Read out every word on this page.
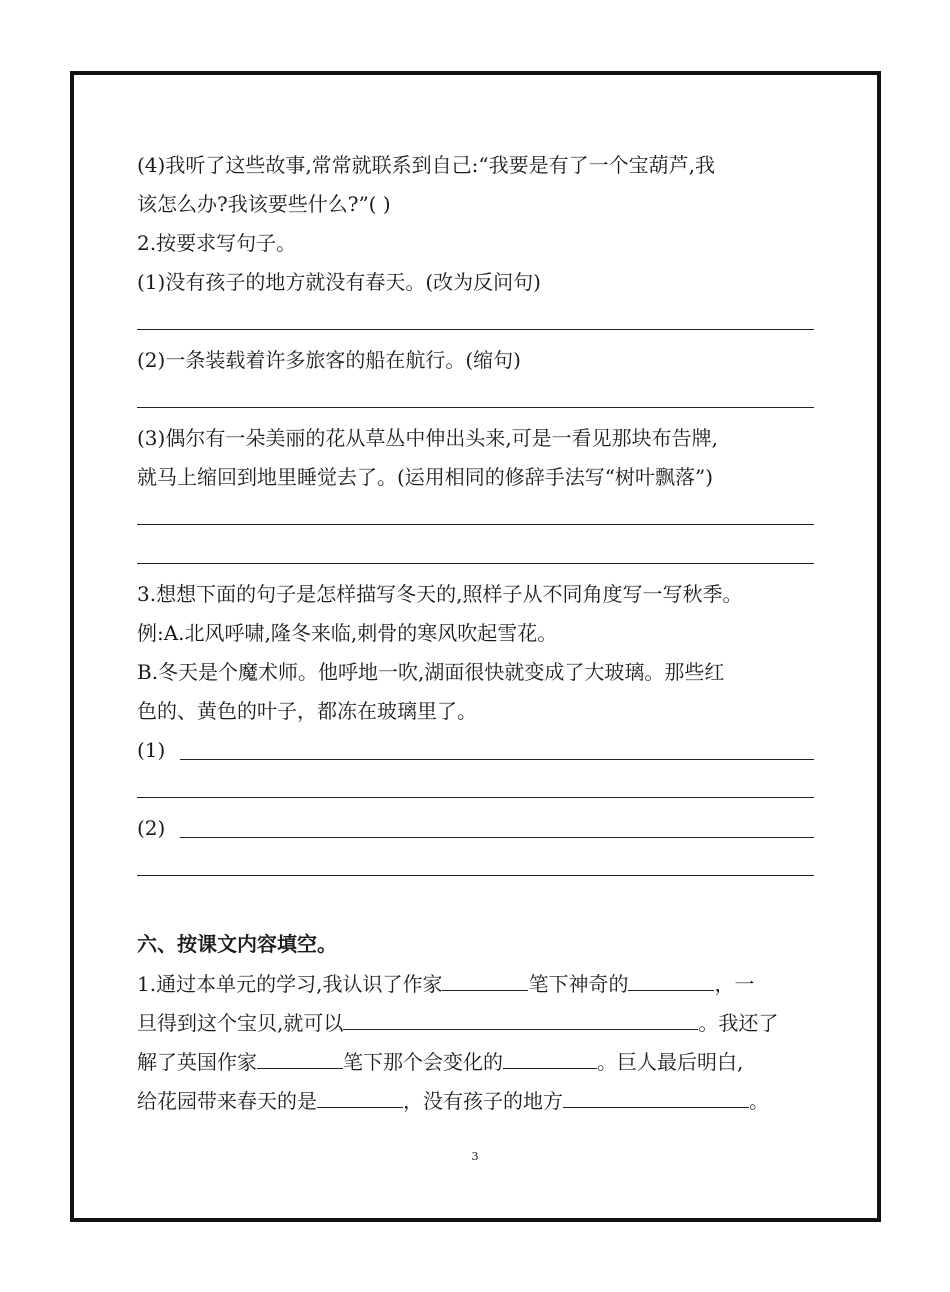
(4)我听了这些故事,常常就联系到自己:“我要是有了一个宝葫芦,我
该怎么办?我该要些什么?”( )
2.按要求写句子。
(1)没有孩子的地方就没有春天。(改为反问句)
(2)一条装载着许多旅客的船在航行。(缩句)
(3)偶尔有一朵美丽的花从草丛中伸出头来,可是一看见那块布告牌,
就马上缩回到地里睡觉去了。(运用相同的修辞手法写“树叶飘落”)
3.想想下面的句子是怎样描写冬天的,照样子从不同角度写一写秋季。
例:A.北风呼啸,隆冬来临,刺骨的寒风吹起雪花。
B.冬天是个魔术师。他呼地一吹,湖面很快就变成了大玻璃。那些红
色的、黄色的叶子，都冻在玻璃里了。
(1)
(2)
六、按课文内容填空。
1.通过本单元的学习,我认识了作家	笔下神奇的	，一
旦得到这个宝贝,就可以	。我还了
解了英国作家	笔下那个会变化的	。巨人最后明白,
给花园带来春天的是	，没有孩子的地方	。
3
